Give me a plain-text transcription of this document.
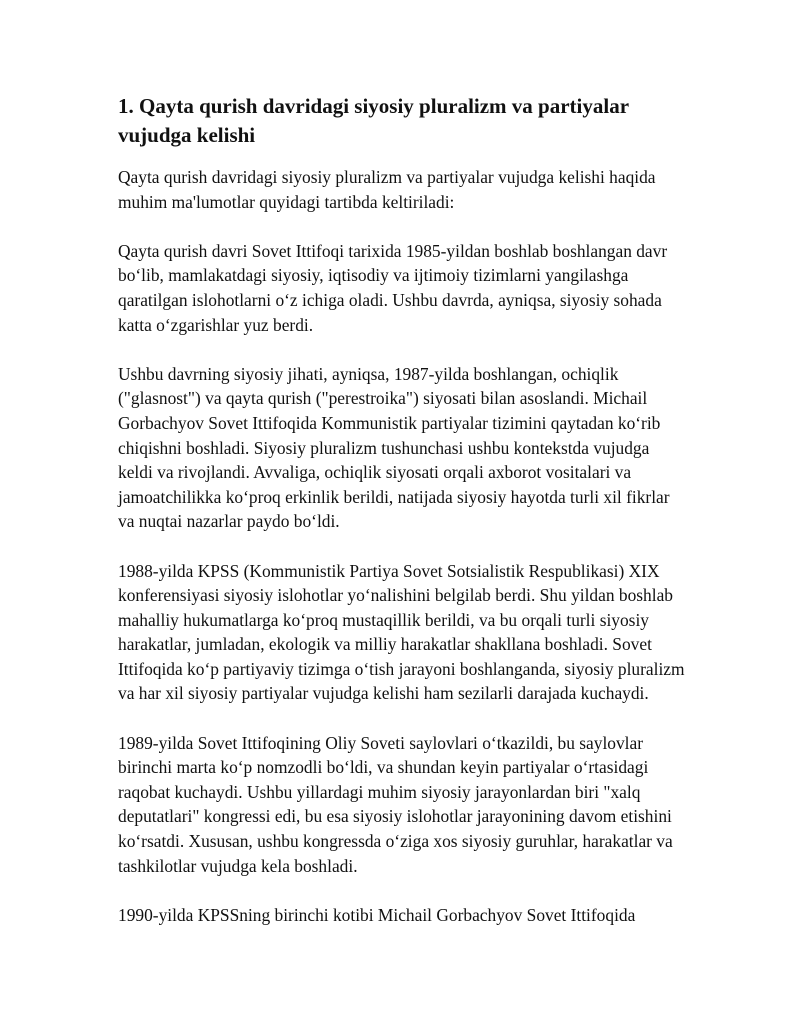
1. Qayta qurish davridagi siyosiy pluralizm va partiyalar vujudga kelishi

Qayta qurish davridagi siyosiy pluralizm va partiyalar vujudga kelishi haqida muhim ma'lumotlar quyidagi tartibda keltiriladi:

Qayta qurish davri Sovet Ittifoqi tarixida 1985-yildan boshlab boshlangan davr bo‘lib, mamlakatdagi siyosiy, iqtisodiy va ijtimoiy tizimlarni yangilashga qaratilgan islohotlarni o‘z ichiga oladi. Ushbu davrda, ayniqsa, siyosiy sohada katta o‘zgarishlar yuz berdi.

Ushbu davrning siyosiy jihati, ayniqsa, 1987-yilda boshlangan, ochiqlik ("glasnost") va qayta qurish ("perestroika") siyosati bilan asoslandi. Michail Gorbachyov Sovet Ittifoqida Kommunistik partiyalar tizimini qaytadan ko‘rib chiqishni boshladi. Siyosiy pluralizm tushunchasi ushbu kontekstda vujudga keldi va rivojlandi. Avvaliga, ochiqlik siyosati orqali axborot vositalari va jamoatchilikka ko‘proq erkinlik berildi, natijada siyosiy hayotda turli xil fikrlar va nuqtai nazarlar paydo bo‘ldi.

1988-yilda KPSS (Kommunistik Partiya Sovet Sotsialistik Respublikasi) XIX konferensiyasi siyosiy islohotlar yo‘nalishini belgilab berdi. Shu yildan boshlab mahalliy hukumatlarga ko‘proq mustaqillik berildi, va bu orqali turli siyosiy harakatlar, jumladan, ekologik va milliy harakatlar shakllana boshladi. Sovet Ittifoqida ko‘p partiyaviy tizimga o‘tish jarayoni boshlanganda, siyosiy pluralizm va har xil siyosiy partiyalar vujudga kelishi ham sezilarli darajada kuchaydi.

1989-yilda Sovet Ittifoqining Oliy Soveti saylovlari o‘tkazildi, bu saylovlar birinchi marta ko‘p nomzodli bo‘ldi, va shundan keyin partiyalar o‘rtasidagi raqobat kuchaydi. Ushbu yillardagi muhim siyosiy jarayonlardan biri "xalq deputatlari" kongressi edi, bu esa siyosiy islohotlar jarayonining davom etishini ko‘rsatdi. Xususan, ushbu kongressda o‘ziga xos siyosiy guruhlar, harakatlar va tashkilotlar vujudga kela boshladi.

1990-yilda KPSSning birinchi kotibi Michail Gorbachyov Sovet Ittifoqida
